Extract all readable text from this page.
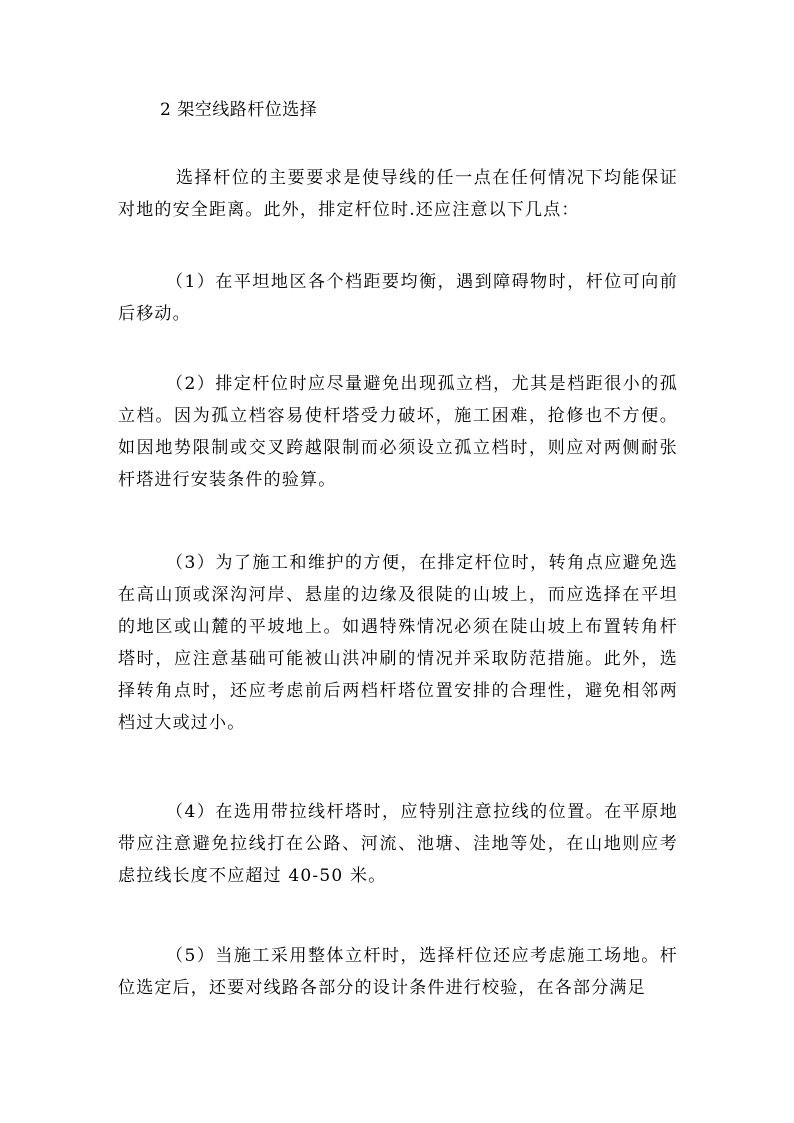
2 架空线路杆位选择

选择杆位的主要要求是使导线的任一点在任何情况下均能保证对地的安全距离。此外，排定杆位时.还应注意以下几点：

（1）在平坦地区各个档距要均衡，遇到障碍物时，杆位可向前后移动。

（2）排定杆位时应尽量避免出现孤立档，尤其是档距很小的孤立档。因为孤立档容易使杆塔受力破坏，施工困难，抢修也不方便。如因地势限制或交叉跨越限制而必须设立孤立档时，则应对两侧耐张杆塔进行安装条件的验算。

（3）为了施工和维护的方便，在排定杆位时，转角点应避免选在高山顶或深沟河岸、悬崖的边缘及很陡的山坡上，而应选择在平坦的地区或山麓的平坡地上。如遇特殊情况必须在陡山坡上布置转角杆塔时，应注意基础可能被山洪冲刷的情况并采取防范措施。此外，选择转角点时，还应考虑前后两档杆塔位置安排的合理性，避免相邻两档过大或过小。

（4）在选用带拉线杆塔时，应特别注意拉线的位置。在平原地带应注意避免拉线打在公路、河流、池塘、洼地等处，在山地则应考虑拉线长度不应超过 40-50 米。

（5）当施工采用整体立杆时，选择杆位还应考虑施工场地。杆位选定后，还要对线路各部分的设计条件进行校验，在各部分满足
